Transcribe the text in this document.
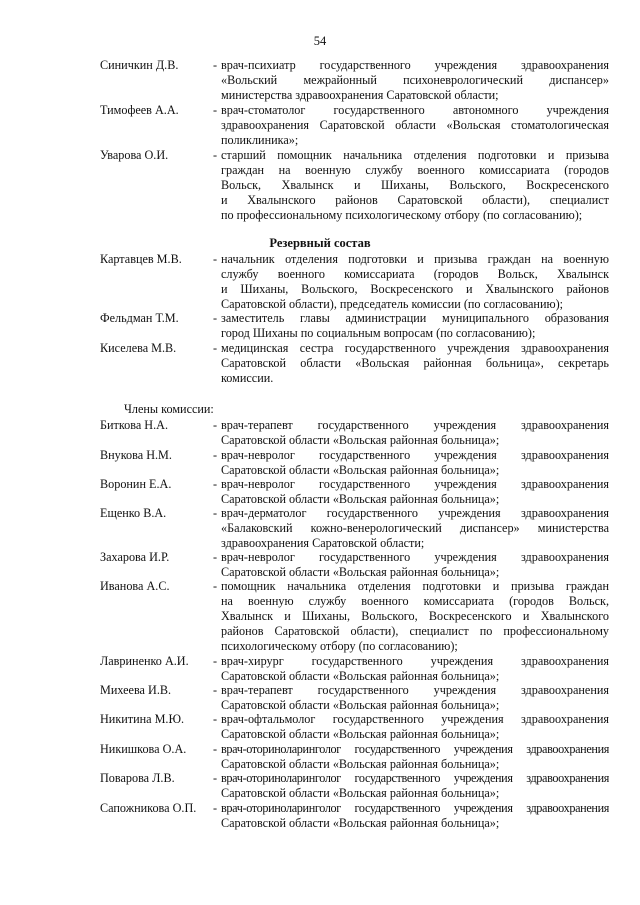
54
Синичкин Д.В.	- врач-психиатр государственного учреждения здравоохранения
«Вольский межрайонный психоневрологический диспансер»
министерства здравоохранения Саратовской области;
Тимофеев А.А.	- врач-стоматолог государственного автономного учреждения
здравоохранения Саратовской области «Вольская стоматологическая
поликлиника»;
Уварова О.И.	- старший помощник начальника отделения подготовки и призыва
граждан на военную службу военного комиссариата (городов
Вольск, Хвалынск и Шиханы, Вольского, Воскресенского
и Хвалынского районов Саратовской области), специалист
по профессиональному психологическому отбору (по согласованию);
Резервный состав
Картавцев М.В.	- начальник отделения подготовки и призыва граждан на военную
службу военного комиссариата (городов Вольск, Хвалынск
и Шиханы, Вольского, Воскресенского и Хвалынского районов
Саратовской области), председатель комиссии (по согласованию);
Фельдман Т.М.	- заместитель главы администрации муниципального образования
город Шиханы по социальным вопросам (по согласованию);
Киселева М.В.	- медицинская сестра государственного учреждения здравоохранения
Саратовской области «Вольская районная больница», секретарь
комиссии.
Члены комиссии:
Биткова Н.А.	- врач-терапевт государственного учреждения здравоохранения
Саратовской области «Вольская районная больница»;
Внукова Н.М.	- врач-невролог государственного учреждения здравоохранения
Саратовской области «Вольская районная больница»;
Воронин Е.А.	- врач-невролог государственного учреждения здравоохранения
Саратовской области «Вольская районная больница»;
Ещенко В.А.	- врач-дерматолог государственного учреждения здравоохранения
«Балаковский кожно-венерологический диспансер» министерства
здравоохранения Саратовской области;
Захарова И.Р.	- врач-невролог государственного учреждения здравоохранения
Саратовской области «Вольская районная больница»;
Иванова А.С.	- помощник начальника отделения подготовки и призыва граждан
на военную службу военного комиссариата (городов Вольск,
Хвалынск и Шиханы, Вольского, Воскресенского и Хвалынского
районов Саратовской области), специалист по профессиональному
психологическому отбору (по согласованию);
Лавриненко А.И. - врач-хирург государственного учреждения здравоохранения
Саратовской области «Вольская районная больница»;
Михеева И.В.	- врач-терапевт государственного учреждения здравоохранения
Саратовской области «Вольская районная больница»;
Никитина М.Ю. - врач-офтальмолог государственного учреждения здравоохранения
Саратовской области «Вольская районная больница»;
Никишкова О.А. - врач-оториноларинголог государственного учреждения здравоохранения
Саратовской области «Вольская районная больница»;
Поварова Л.В.	- врач-оториноларинголог государственного учреждения здравоохранения
Саратовской области «Вольская районная больница»;
Сапожникова О.П. - врач-оториноларинголог государственного учреждения здравоохранения
Саратовской области «Вольская районная больница»;
